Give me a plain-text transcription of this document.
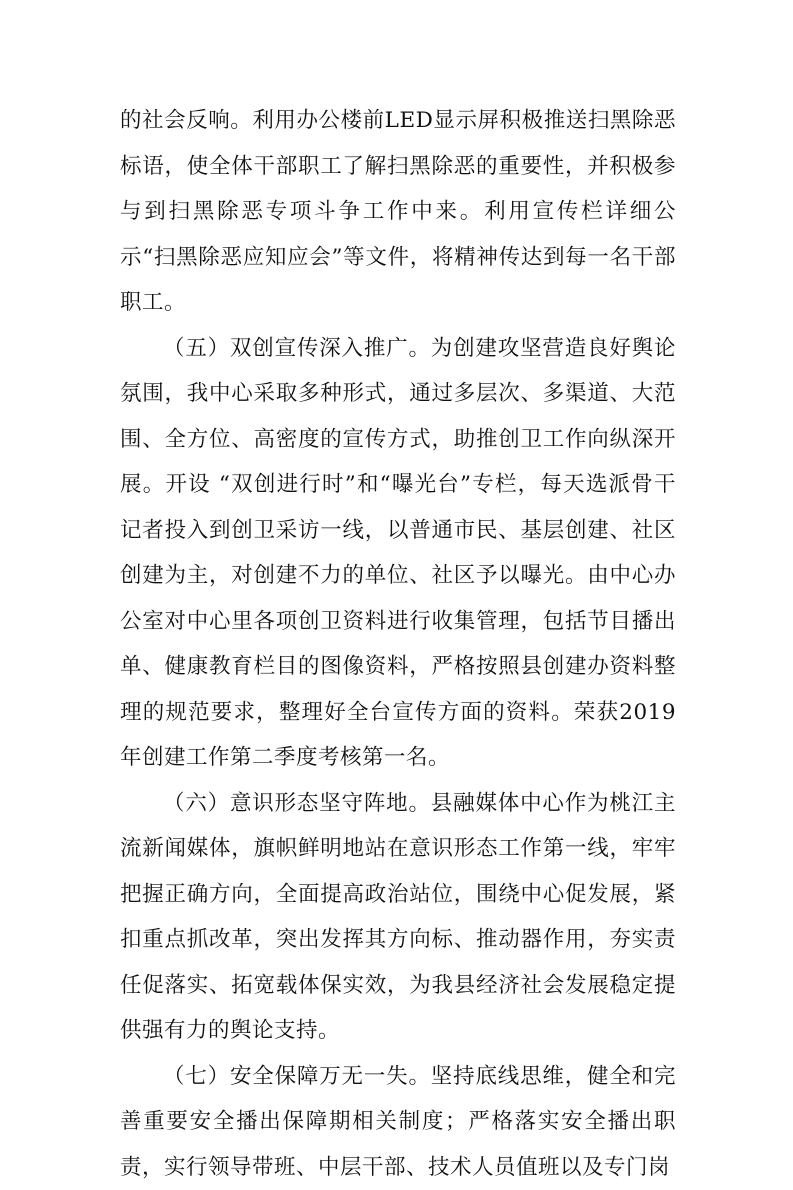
的社会反响。利用办公楼前LED显示屏积极推送扫黑除恶标语，使全体干部职工了解扫黑除恶的重要性，并积极参与到扫黑除恶专项斗争工作中来。利用宣传栏详细公示“扫黑除恶应知应会”等文件，将精神传达到每一名干部职工。

（五）双创宣传深入推广。为创建攻坚营造良好舆论氛围，我中心采取多种形式，通过多层次、多渠道、大范围、全方位、高密度的宣传方式，助推创卫工作向纵深开展。开设 “双创进行时”和“曝光台”专栏，每天选派骨干记者投入到创卫采访一线，以普通市民、基层创建、社区创建为主，对创建不力的单位、社区予以曝光。由中心办公室对中心里各项创卫资料进行收集管理，包括节目播出单、健康教育栏目的图像资料，严格按照县创建办资料整理的规范要求，整理好全台宣传方面的资料。荣获2019年创建工作第二季度考核第一名。

（六）意识形态坚守阵地。县融媒体中心作为桃江主流新闻媒体，旗帜鲜明地站在意识形态工作第一线，牢牢把握正确方向，全面提高政治站位，围绕中心促发展，紧扣重点抓改革，突出发挥其方向标、推动器作用，夯实责任促落实、拓宽载体保实效，为我县经济社会发展稳定提供强有力的舆论支持。

（七）安全保障万无一失。坚持底线思维，健全和完善重要安全播出保障期相关制度；严格落实安全播出职责，实行领导带班、中层干部、技术人员值班以及专门岗
